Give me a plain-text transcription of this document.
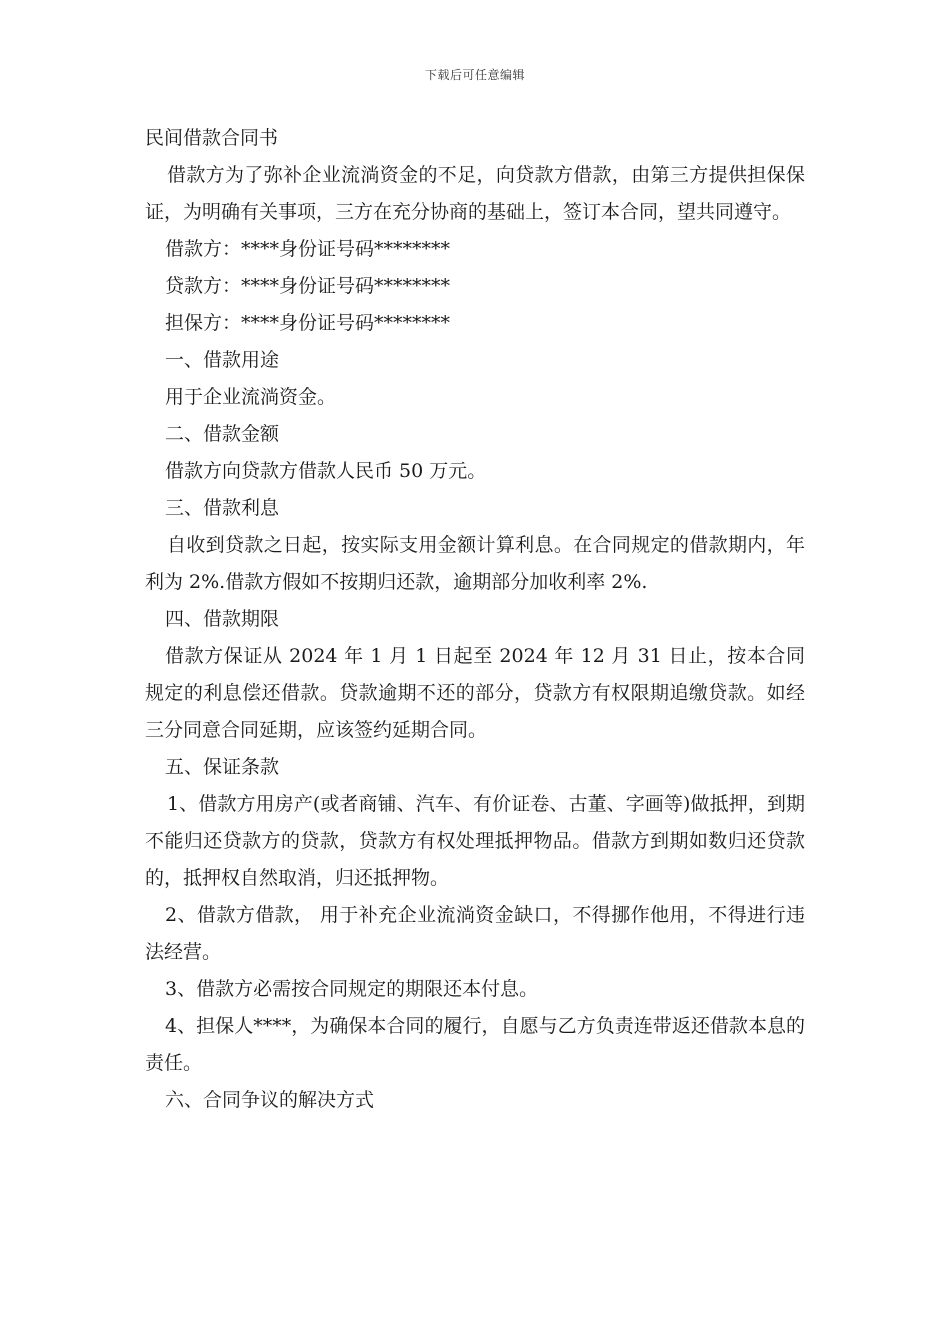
下载后可任意编辑

民间借款合同书

借款方为了弥补企业流淌资金的不足，向贷款方借款，由第三方提供担保保证，为明确有关事项，三方在充分协商的基础上，签订本合同，望共同遵守。

借款方：****身份证号码********

贷款方：****身份证号码********

担保方：****身份证号码********

一、借款用途

用于企业流淌资金。

二、借款金额

借款方向贷款方借款人民币 50 万元。

三、借款利息

自收到贷款之日起，按实际支用金额计算利息。在合同规定的借款期内，年利为 2%.借款方假如不按期归还款，逾期部分加收利率 2%.

四、借款期限

借款方保证从 2024 年 1 月 1 日起至 2024 年 12 月 31 日止，按本合同规定的利息偿还借款。贷款逾期不还的部分，贷款方有权限期追缴贷款。如经三分同意合同延期，应该签约延期合同。

五、保证条款

1、借款方用房产(或者商铺、汽车、有价证卷、古董、字画等)做抵押，到期不能归还贷款方的贷款，贷款方有权处理抵押物品。借款方到期如数归还贷款的，抵押权自然取消，归还抵押物。

2、借款方借款， 用于补充企业流淌资金缺口，不得挪作他用，不得进行违法经营。

3、借款方必需按合同规定的期限还本付息。

4、担保人****，为确保本合同的履行，自愿与乙方负责连带返还借款本息的责任。

六、合同争议的解决方式
